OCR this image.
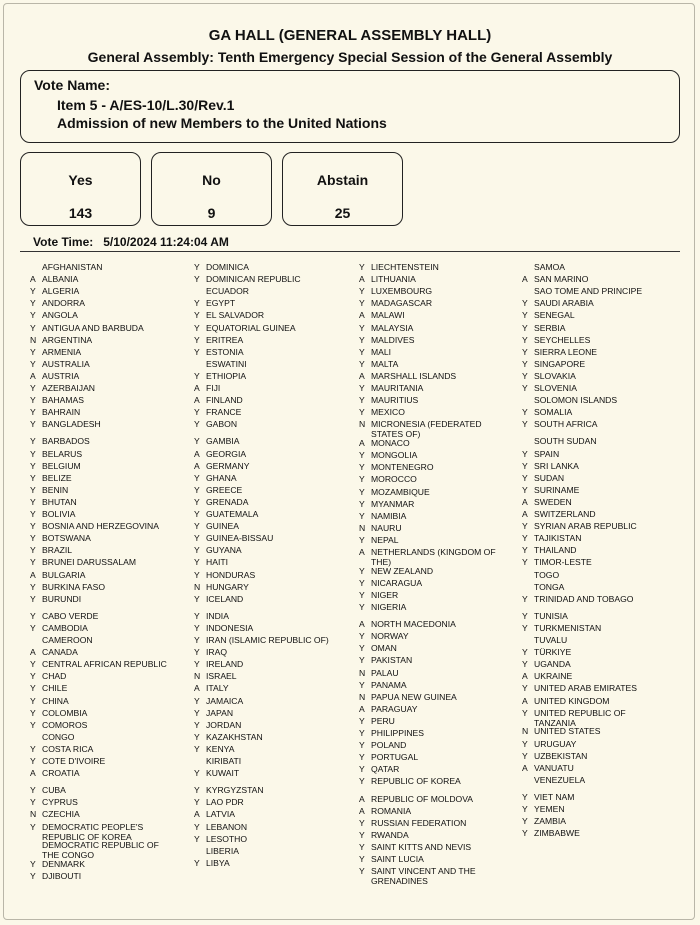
GA HALL (GENERAL ASSEMBLY HALL)
General Assembly: Tenth Emergency Special Session of the General Assembly
Vote Name:
Item 5 - A/ES-10/L.30/Rev.1
Admission of new Members to the United Nations
Yes
143
No
9
Abstain
25
Vote Time: 5/10/2024 11:24:04 AM
AFGHANISTAN
A ALBANIA
Y ALGERIA
Y ANDORRA
Y ANGOLA
Y ANTIGUA AND BARBUDA
N ARGENTINA
Y ARMENIA
Y AUSTRALIA
A AUSTRIA
Y AZERBAIJAN
Y BAHAMAS
Y BAHRAIN
Y BANGLADESH
Y BARBADOS
Y BELARUS
Y BELGIUM
Y BELIZE
Y BENIN
Y BHUTAN
Y BOLIVIA
Y BOSNIA AND HERZEGOVINA
Y BOTSWANA
Y BRAZIL
Y BRUNEI DARUSSALAM
A BULGARIA
Y BURKINA FASO
Y BURUNDI
Y CABO VERDE
Y CAMBODIA
CAMEROON
A CANADA
Y CENTRAL AFRICAN REPUBLIC
Y CHAD
Y CHILE
Y CHINA
Y COLOMBIA
Y COMOROS
CONGO
Y COSTA RICA
Y COTE D'IVOIRE
A CROATIA
Y CUBA
Y CYPRUS
N CZECHIA
Y DEMOCRATIC PEOPLE'S REPUBLIC OF KOREA
DEMOCRATIC REPUBLIC OF THE CONGO
Y DENMARK
Y DJIBOUTI
Y DOMINICA
Y DOMINICAN REPUBLIC
ECUADOR
Y EGYPT
Y EL SALVADOR
Y EQUATORIAL GUINEA
Y ERITREA
Y ESTONIA
ESWATINI
Y ETHIOPIA
A FIJI
A FINLAND
Y FRANCE
Y GABON
Y GAMBIA
A GEORGIA
A GERMANY
Y GHANA
Y GREECE
Y GRENADA
Y GUATEMALA
Y GUINEA
Y GUINEA-BISSAU
Y GUYANA
Y HAITI
Y HONDURAS
N HUNGARY
Y ICELAND
Y INDIA
Y INDONESIA
Y IRAN (ISLAMIC REPUBLIC OF)
Y IRAQ
Y IRELAND
N ISRAEL
A ITALY
Y JAMAICA
Y JAPAN
Y JORDAN
Y KAZAKHSTAN
Y KENYA
KIRIBATI
Y KUWAIT
Y KYRGYZSTAN
Y LAO PDR
A LATVIA
Y LEBANON
Y LESOTHO
LIBERIA
Y LIBYA
Y LIECHTENSTEIN
A LITHUANIA
Y LUXEMBOURG
Y MADAGASCAR
A MALAWI
Y MALAYSIA
Y MALDIVES
Y MALI
Y MALTA
A MARSHALL ISLANDS
Y MAURITANIA
Y MAURITIUS
Y MEXICO
N MICRONESIA (FEDERATED STATES OF)
A MONACO
Y MONGOLIA
Y MONTENEGRO
Y MOROCCO
Y MOZAMBIQUE
Y MYANMAR
Y NAMIBIA
N NAURU
Y NEPAL
A NETHERLANDS (KINGDOM OF THE)
Y NEW ZEALAND
Y NICARAGUA
Y NIGER
Y NIGERIA
A NORTH MACEDONIA
Y NORWAY
Y OMAN
Y PAKISTAN
N PALAU
Y PANAMA
N PAPUA NEW GUINEA
A PARAGUAY
Y PERU
Y PHILIPPINES
Y POLAND
Y PORTUGAL
Y QATAR
Y REPUBLIC OF KOREA
A REPUBLIC OF MOLDOVA
A ROMANIA
Y RUSSIAN FEDERATION
Y RWANDA
Y SAINT KITTS AND NEVIS
Y SAINT LUCIA
Y SAINT VINCENT AND THE GRENADINES
SAMOA
A SAN MARINO
SAO TOME AND PRINCIPE
Y SAUDI ARABIA
Y SENEGAL
Y SERBIA
Y SEYCHELLES
Y SIERRA LEONE
Y SINGAPORE
Y SLOVAKIA
Y SLOVENIA
SOLOMON ISLANDS
Y SOMALIA
Y SOUTH AFRICA
SOUTH SUDAN
Y SPAIN
Y SRI LANKA
Y SUDAN
Y SURINAME
A SWEDEN
A SWITZERLAND
Y SYRIAN ARAB REPUBLIC
Y TAJIKISTAN
Y THAILAND
Y TIMOR-LESTE
TOGO
TONGA
Y TRINIDAD AND TOBAGO
Y TUNISIA
Y TURKMENISTAN
TUVALU
Y TÜRKIYE
Y UGANDA
A UKRAINE
Y UNITED ARAB EMIRATES
A UNITED KINGDOM
Y UNITED REPUBLIC OF TANZANIA
N UNITED STATES
Y URUGUAY
Y UZBEKISTAN
A VANUATU
VENEZUELA
Y VIET NAM
Y YEMEN
Y ZAMBIA
Y ZIMBABWE
